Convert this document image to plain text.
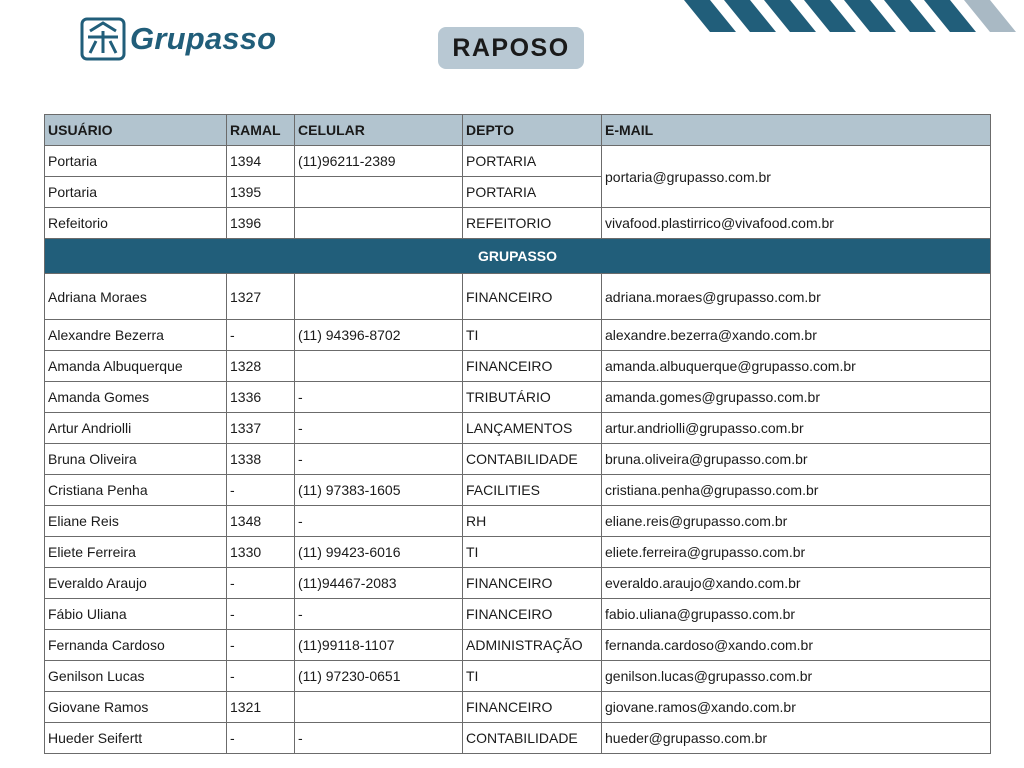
Grupasso	RAPOSO
USUÁRIO	RAMAL	CELULAR	DEPTO	E-MAIL
Portaria	1394	(11)96211-2389	PORTARIA	portaria@grupasso.com.br
Portaria	1395		PORTARIA	
Refeitorio	1396		REFEITORIO	vivafood.plastirrico@vivafood.com.br
GRUPASSO				
Adriana Moraes	1327		FINANCEIRO	adriana.moraes@grupasso.com.br
Alexandre Bezerra	-	(11) 94396-8702	TI	alexandre.bezerra@xando.com.br
Amanda Albuquerque	1328		FINANCEIRO	amanda.albuquerque@grupasso.com.br
Amanda Gomes	1336	-	TRIBUTÁRIO	amanda.gomes@grupasso.com.br
Artur Andriolli	1337	-	LANÇAMENTOS	artur.andriolli@grupasso.com.br
Bruna Oliveira	1338	-	CONTABILIDADE	bruna.oliveira@grupasso.com.br
Cristiana Penha	-	(11) 97383-1605	FACILITIES	cristiana.penha@grupasso.com.br
Eliane Reis	1348	-	RH	eliane.reis@grupasso.com.br
Eliete Ferreira	1330	(11) 99423-6016	TI	eliete.ferreira@grupasso.com.br
Everaldo Araujo	-	(11)94467-2083	FINANCEIRO	everaldo.araujo@xando.com.br
Fábio Uliana	-	-	FINANCEIRO	fabio.uliana@grupasso.com.br
Fernanda Cardoso	-	(11)99118-1107	ADMINISTRAÇÃO	fernanda.cardoso@xando.com.br
Genilson Lucas	-	(11) 97230-0651	TI	genilson.lucas@grupasso.com.br
Giovane Ramos	1321		FINANCEIRO	giovane.ramos@xando.com.br
Hueder Seifertt	-	-	CONTABILIDADE	hueder@grupasso.com.br
